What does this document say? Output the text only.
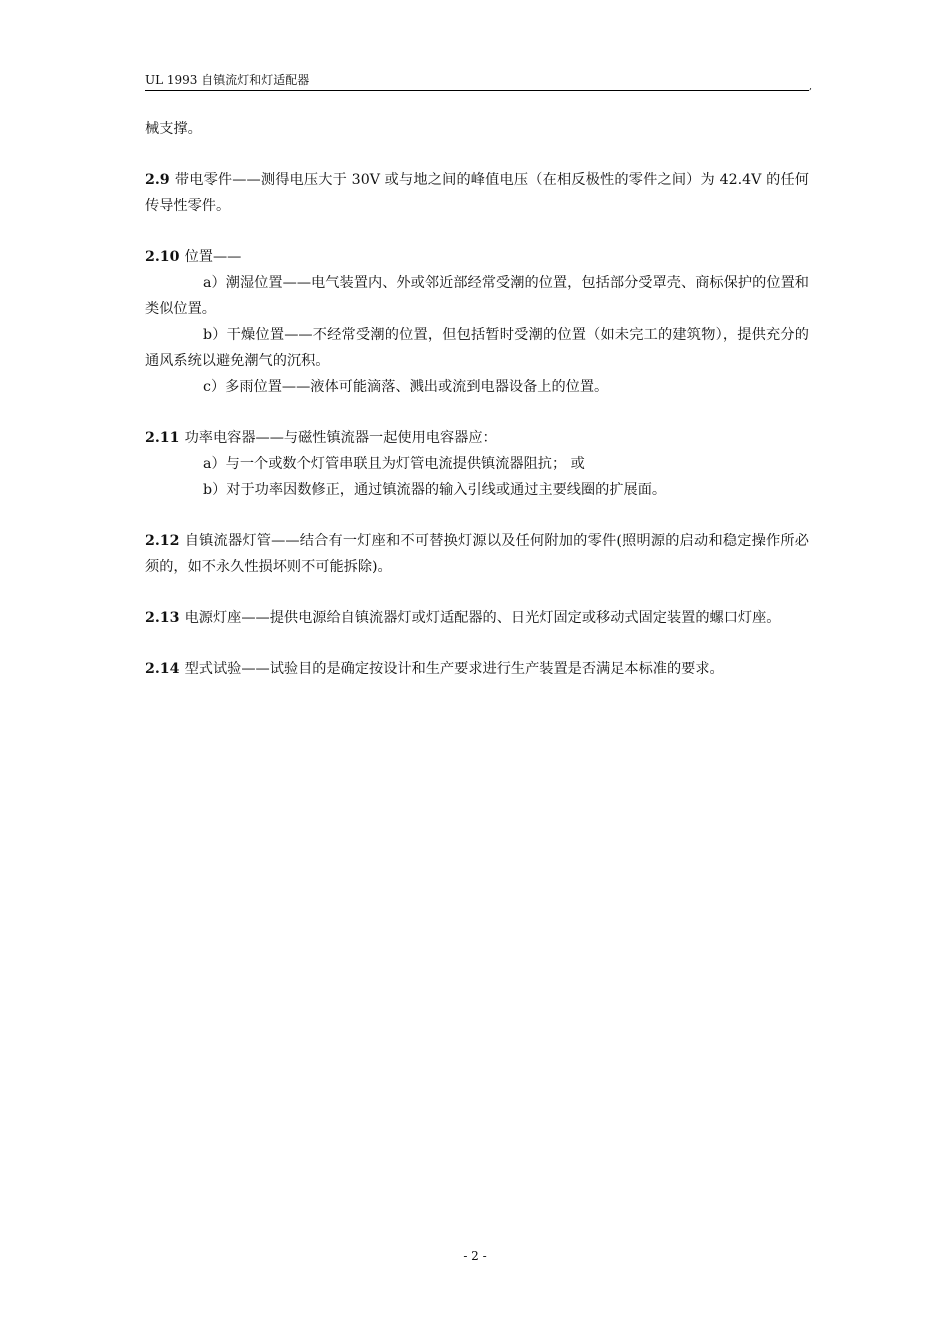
UL 1993 自镇流灯和灯适配器	,

械支撑。

2.9 带电零件——测得电压大于 30V 或与地之间的峰值电压（在相反极性的零件之间）为 42.4V 的任何传导性零件。

2.10 位置——

a）潮湿位置——电气装置内、外或邻近部经常受潮的位置，包括部分受罩壳、商标保护的位置和类似位置。

b）干燥位置——不经常受潮的位置，但包括暂时受潮的位置（如未完工的建筑物），提供充分的通风系统以避免潮气的沉积。

c）多雨位置——液体可能滴落、溅出或流到电器设备上的位置。

2.11 功率电容器——与磁性镇流器一起使用电容器应：

a）与一个或数个灯管串联且为灯管电流提供镇流器阻抗； 或

b）对于功率因数修正，通过镇流器的输入引线或通过主要线圈的扩展面。

2.12 自镇流器灯管——结合有一灯座和不可替换灯源以及任何附加的零件(照明源的启动和稳定操作所必须的，如不永久性损坏则不可能拆除)。

2.13 电源灯座——提供电源给自镇流器灯或灯适配器的、日光灯固定或移动式固定装置的螺口灯座。

2.14 型式试验——试验目的是确定按设计和生产要求进行生产装置是否满足本标准的要求。

- 2 -
